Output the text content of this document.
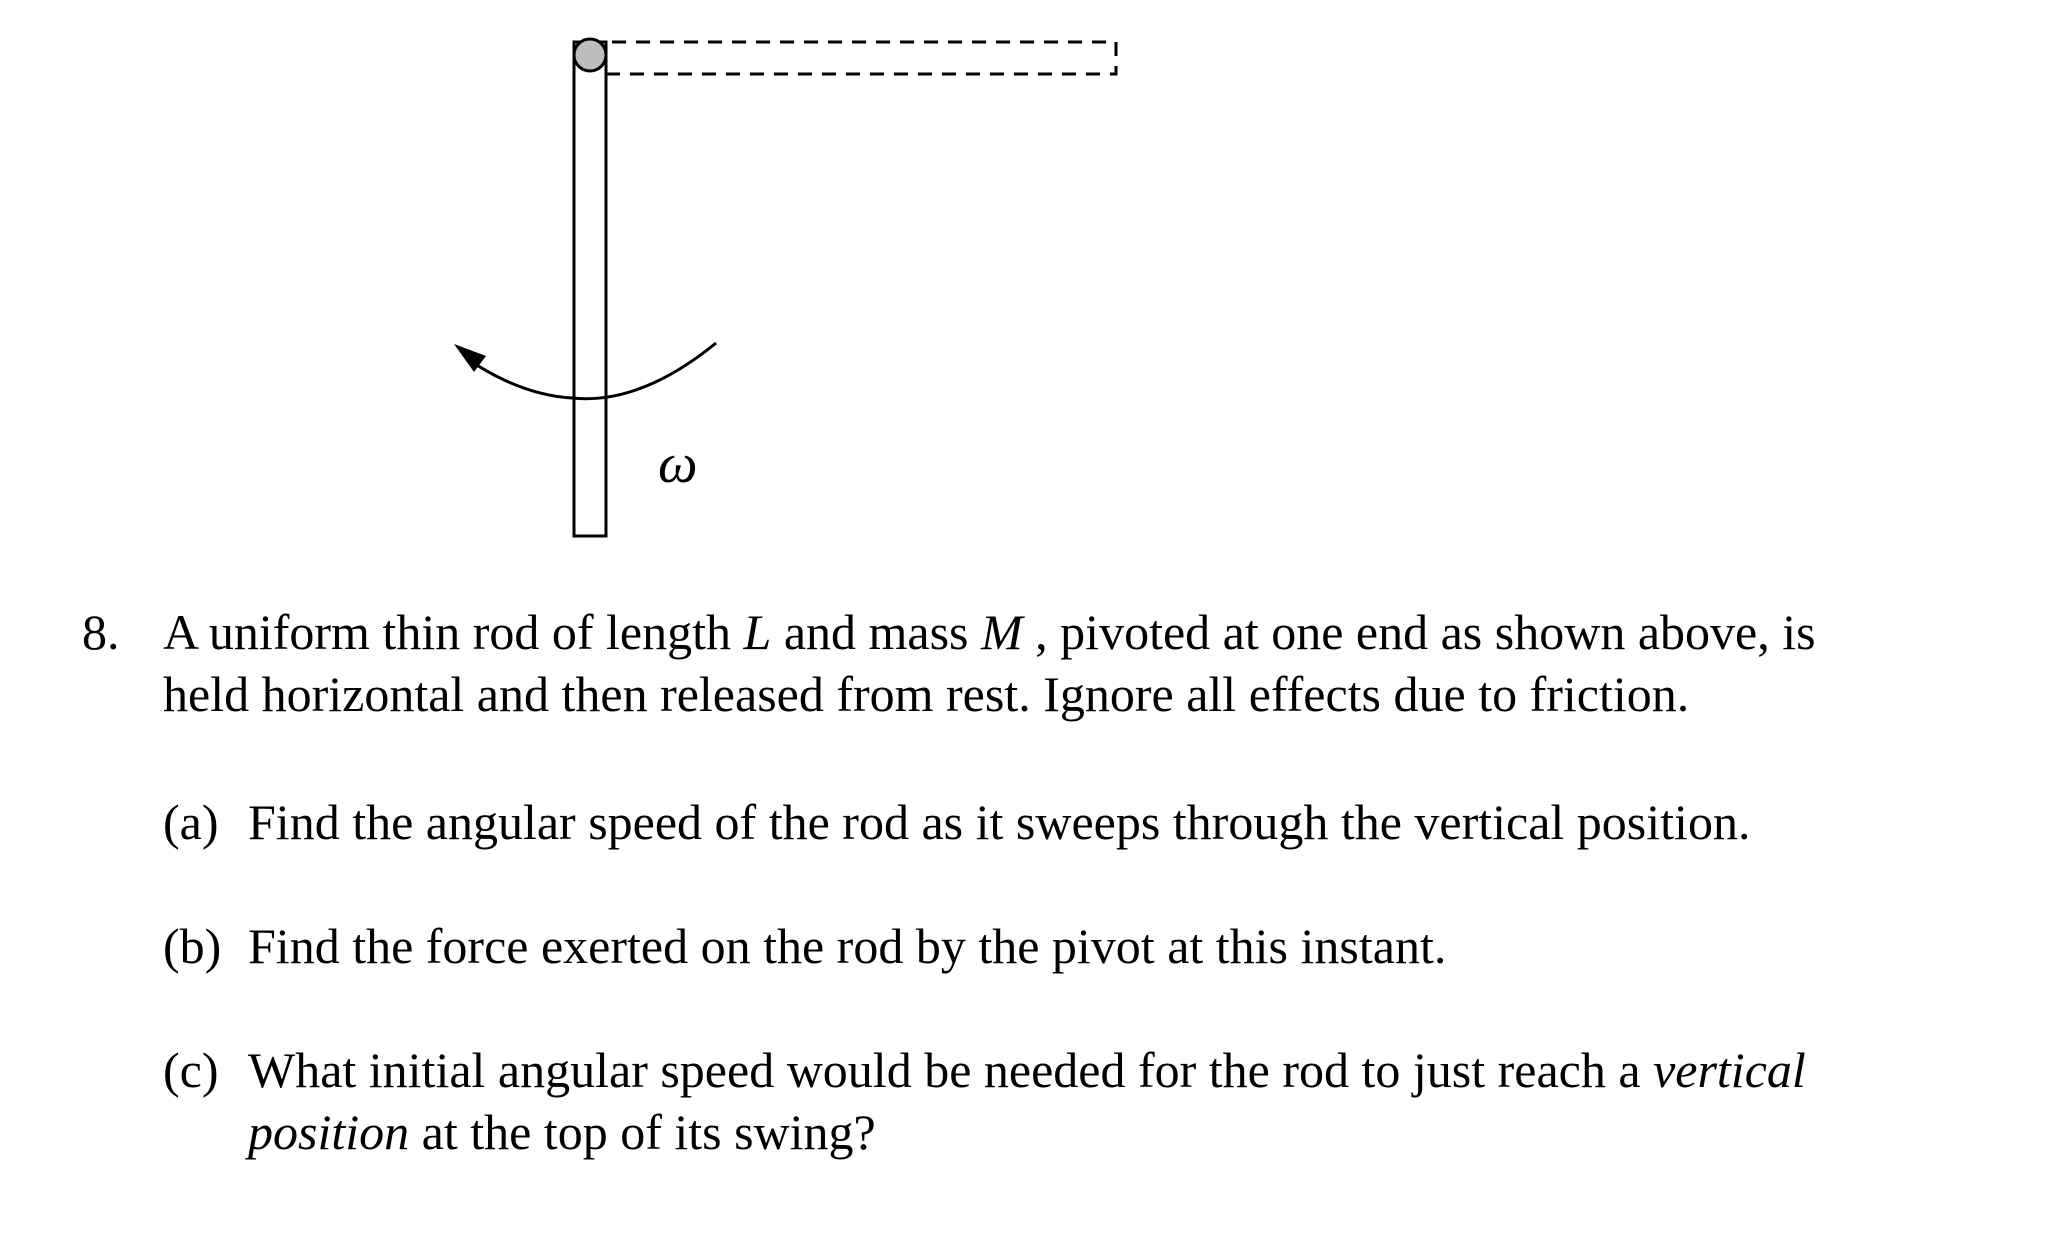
ω
8. A uniform thin rod of length L and mass M , pivoted at one end as shown above, is
held horizontal and then released from rest. Ignore all effects due to friction.
(a) Find the angular speed of the rod as it sweeps through the vertical position.
(b) Find the force exerted on the rod by the pivot at this instant.
(c) What initial angular speed would be needed for the rod to just reach a vertical
position at the top of its swing?
